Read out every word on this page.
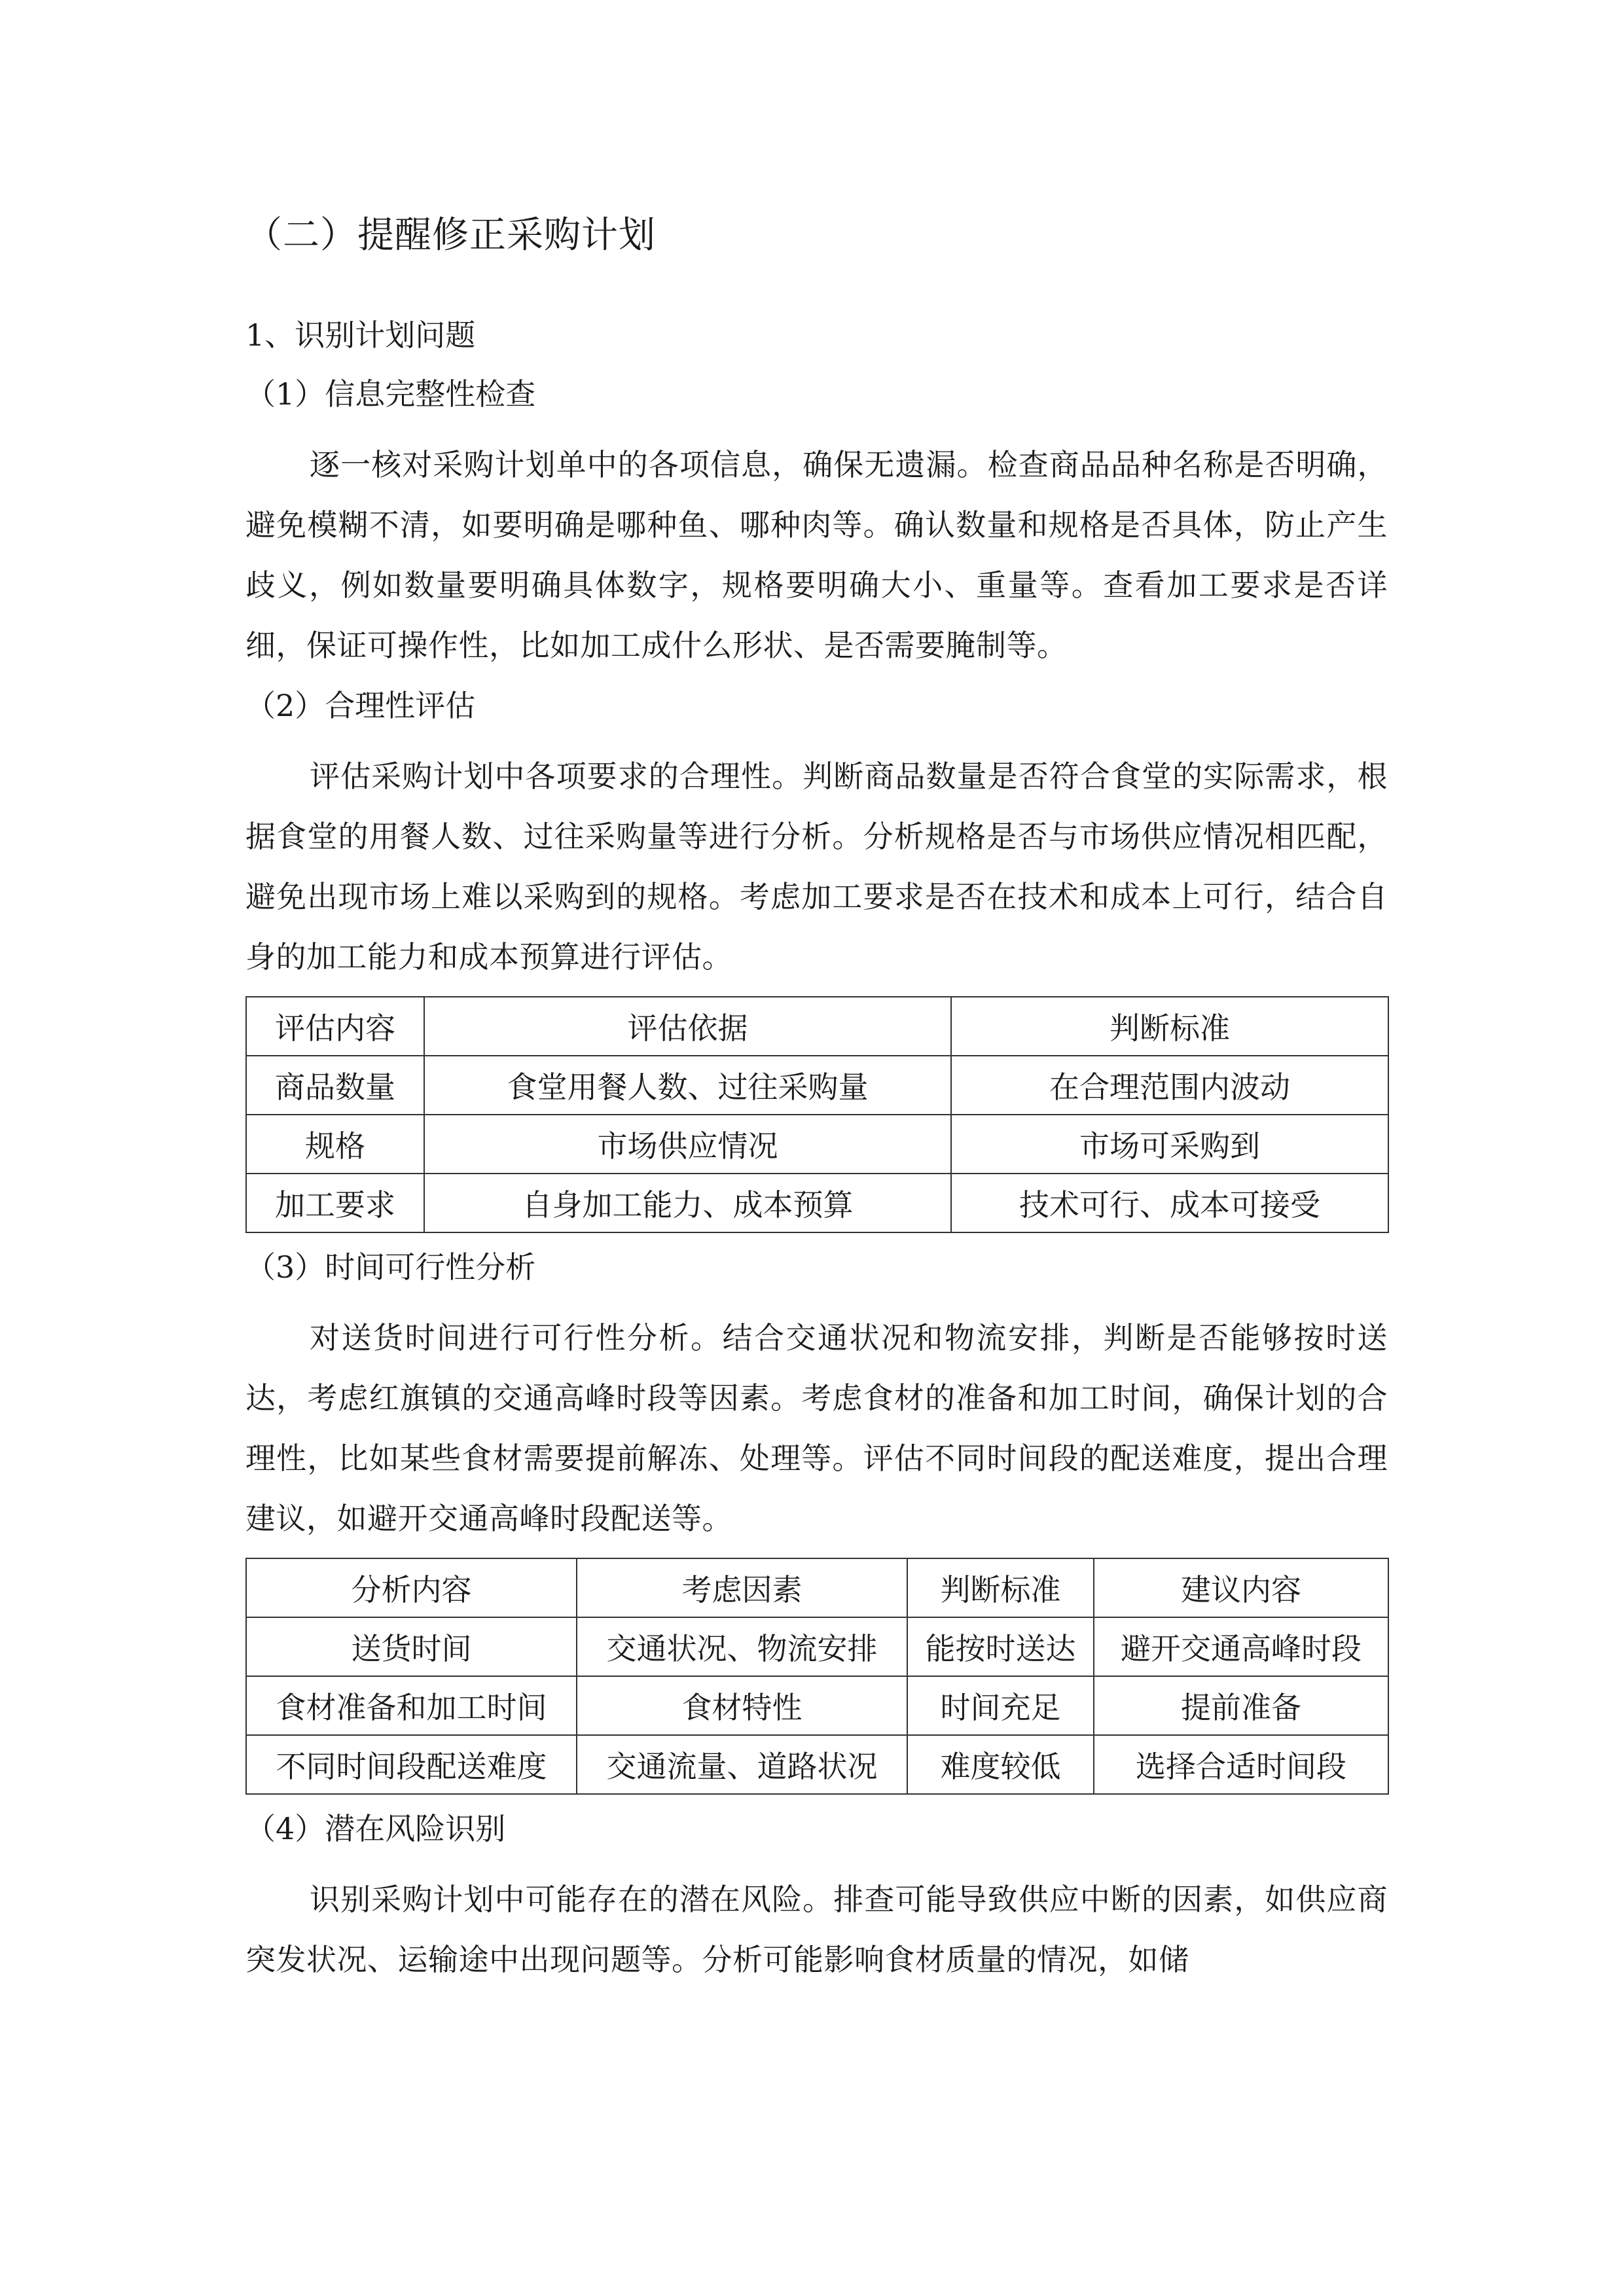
（二）提醒修正采购计划
1、识别计划问题
（1）信息完整性检查

逐一核对采购计划单中的各项信息，确保无遗漏。检查商品品种名称是否明确，避免模糊不清，如要明确是哪种鱼、哪种肉等。确认数量和规格是否具体，防止产生歧义，例如数量要明确具体数字，规格要明确大小、重量等。查看加工要求是否详细，保证可操作性，比如加工成什么形状、是否需要腌制等。

（2）合理性评估

评估采购计划中各项要求的合理性。判断商品数量是否符合食堂的实际需求，根据食堂的用餐人数、过往采购量等进行分析。分析规格是否与市场供应情况相匹配，避免出现市场上难以采购到的规格。考虑加工要求是否在技术和成本上可行，结合自身的加工能力和成本预算进行评估。

评估内容	评估依据	判断标准
商品数量	食堂用餐人数、过往采购量	在合理范围内波动
规格	市场供应情况	市场可采购到
加工要求	自身加工能力、成本预算	技术可行、成本可接受
（3）时间可行性分析

对送货时间进行可行性分析。结合交通状况和物流安排，判断是否能够按时送达，考虑红旗镇的交通高峰时段等因素。考虑食材的准备和加工时间，确保计划的合理性，比如某些食材需要提前解冻、处理等。评估不同时间段的配送难度，提出合理建议，如避开交通高峰时段配送等。

分析内容	考虑因素	判断标准	建议内容
送货时间	交通状况、物流安排	能按时送达	避开交通高峰时段
食材准备和加工时间	食材特性	时间充足	提前准备
不同时间段配送难度	交通流量、道路状况	难度较低	选择合适时间段
（4）潜在风险识别

识别采购计划中可能存在的潜在风险。排查可能导致供应中断的因素，如供应商突发状况、运输途中出现问题等。分析可能影响食材质量的情况，如储
